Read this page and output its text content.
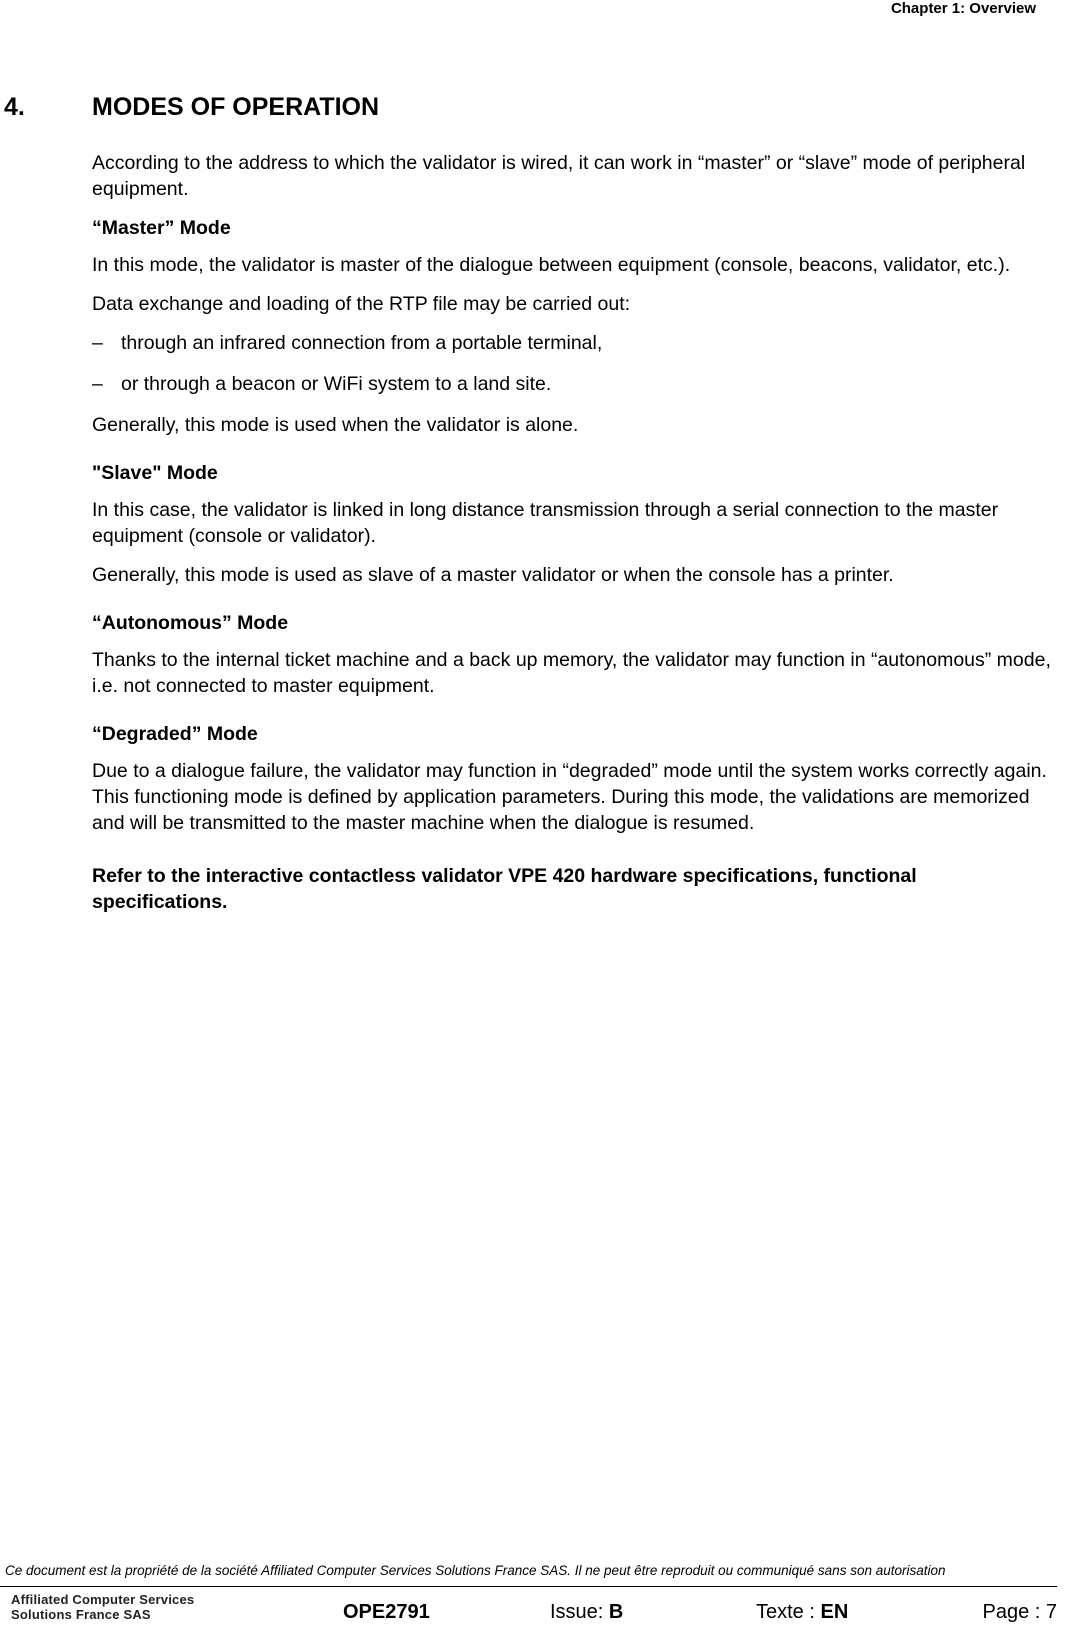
Chapter 1: Overview
4.	MODES OF OPERATION

According to the address to which the validator is wired, it can work in “master” or “slave” mode of peripheral equipment.

“Master” Mode

In this mode, the validator is master of the dialogue between equipment (console, beacons, validator, etc.).

Data exchange and loading of the RTP file may be carried out:

– through an infrared connection from a portable terminal,
– or through a beacon or WiFi system to a land site.

Generally, this mode is used when the validator is alone.

"Slave" Mode

In this case, the validator is linked in long distance transmission through a serial connection to the master equipment (console or validator).

Generally, this mode is used as slave of a master validator or when the console has a printer.

“Autonomous” Mode

Thanks to the internal ticket machine and a back up memory, the validator may function in “autonomous” mode, i.e. not connected to master equipment.

“Degraded” Mode

Due to a dialogue failure, the validator may function in “degraded” mode until the system works correctly again. This functioning mode is defined by application parameters. During this mode, the validations are memorized and will be transmitted to the master machine when the dialogue is resumed.

Refer to the interactive contactless validator VPE 420 hardware specifications, functional specifications.

Ce document est la propriété de la société Affiliated Computer Services Solutions France SAS. Il ne peut être reproduit ou communiqué sans son autorisation
Affiliated Computer Services
Solutions France SAS	OPE2791	Issue: B	Texte : EN	Page : 7
